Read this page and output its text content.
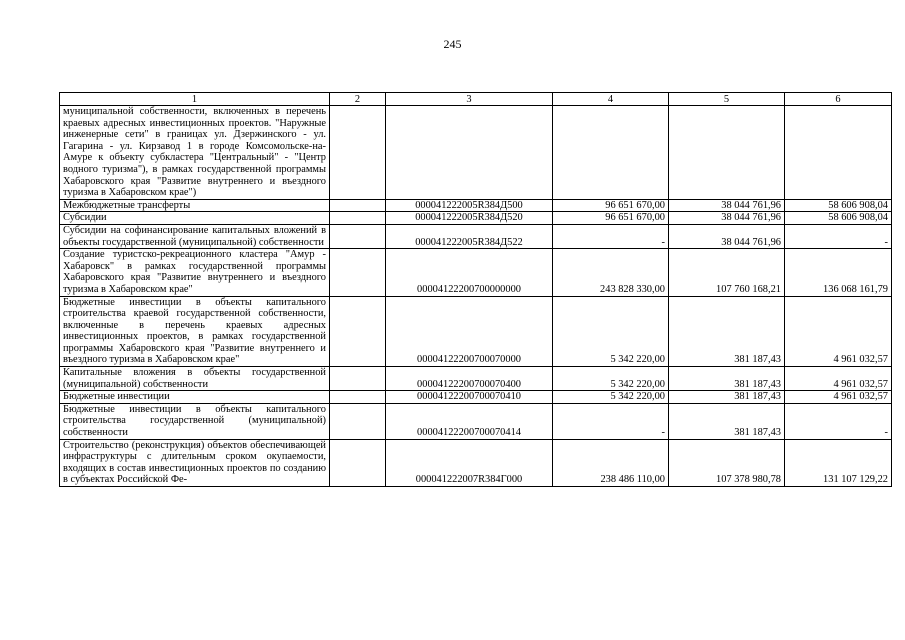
245
1	2	3	4	5	6
муниципальной собственности, включенных в перечень краевых адресных инвестиционных проектов. "Наружные инженерные сети" в границах ул. Дзержинского - ул. Гагарина - ул. Кирзавод 1 в городе Комсомольске-на-Амуре к объекту субкластера "Центральный" - "Центр водного туризма"), в рамках государственной программы Хабаровского края "Развитие внутреннего и въездного туризма в Хабаровском крае")					
Межбюджетные трансферты		000041222005R384Д500	96 651 670,00	38 044 761,96	58 606 908,04
Субсидии		000041222005R384Д520	96 651 670,00	38 044 761,96	58 606 908,04
Субсидии на софинансирование капитальных вложений в объекты государственной (муниципальной) собственности		000041222005R384Д522	-	38 044 761,96	-
Создание туристско-рекреационного кластера "Амур - Хабаровск" в рамках государственной программы Хабаровского края "Развитие внутреннего и въездного туризма в Хабаровском крае"		00004122200700000000	243 828 330,00	107 760 168,21	136 068 161,79
Бюджетные инвестиции в объекты капитального строительства краевой государственной собственности, включенные в перечень краевых адресных инвестиционных проектов, в рамках государственной программы Хабаровского края "Развитие внутреннего и въездного туризма в Хабаровском крае"		00004122200700070000	5 342 220,00	381 187,43	4 961 032,57
Капитальные вложения в объекты государственной (муниципальной) собственности		00004122200700070400	5 342 220,00	381 187,43	4 961 032,57
Бюджетные инвестиции		00004122200700070410	5 342 220,00	381 187,43	4 961 032,57
Бюджетные инвестиции в объекты капитального строительства государственной (муниципальной) собственности		00004122200700070414	-	381 187,43	-
Строительство (реконструкция) объектов обеспечивающей инфраструктуры с длительным сроком окупаемости, входящих в состав инвестиционных проектов по созданию в субъектах Российской Фе-		000041222007R384Г000	238 486 110,00	107 378 980,78	131 107 129,22
